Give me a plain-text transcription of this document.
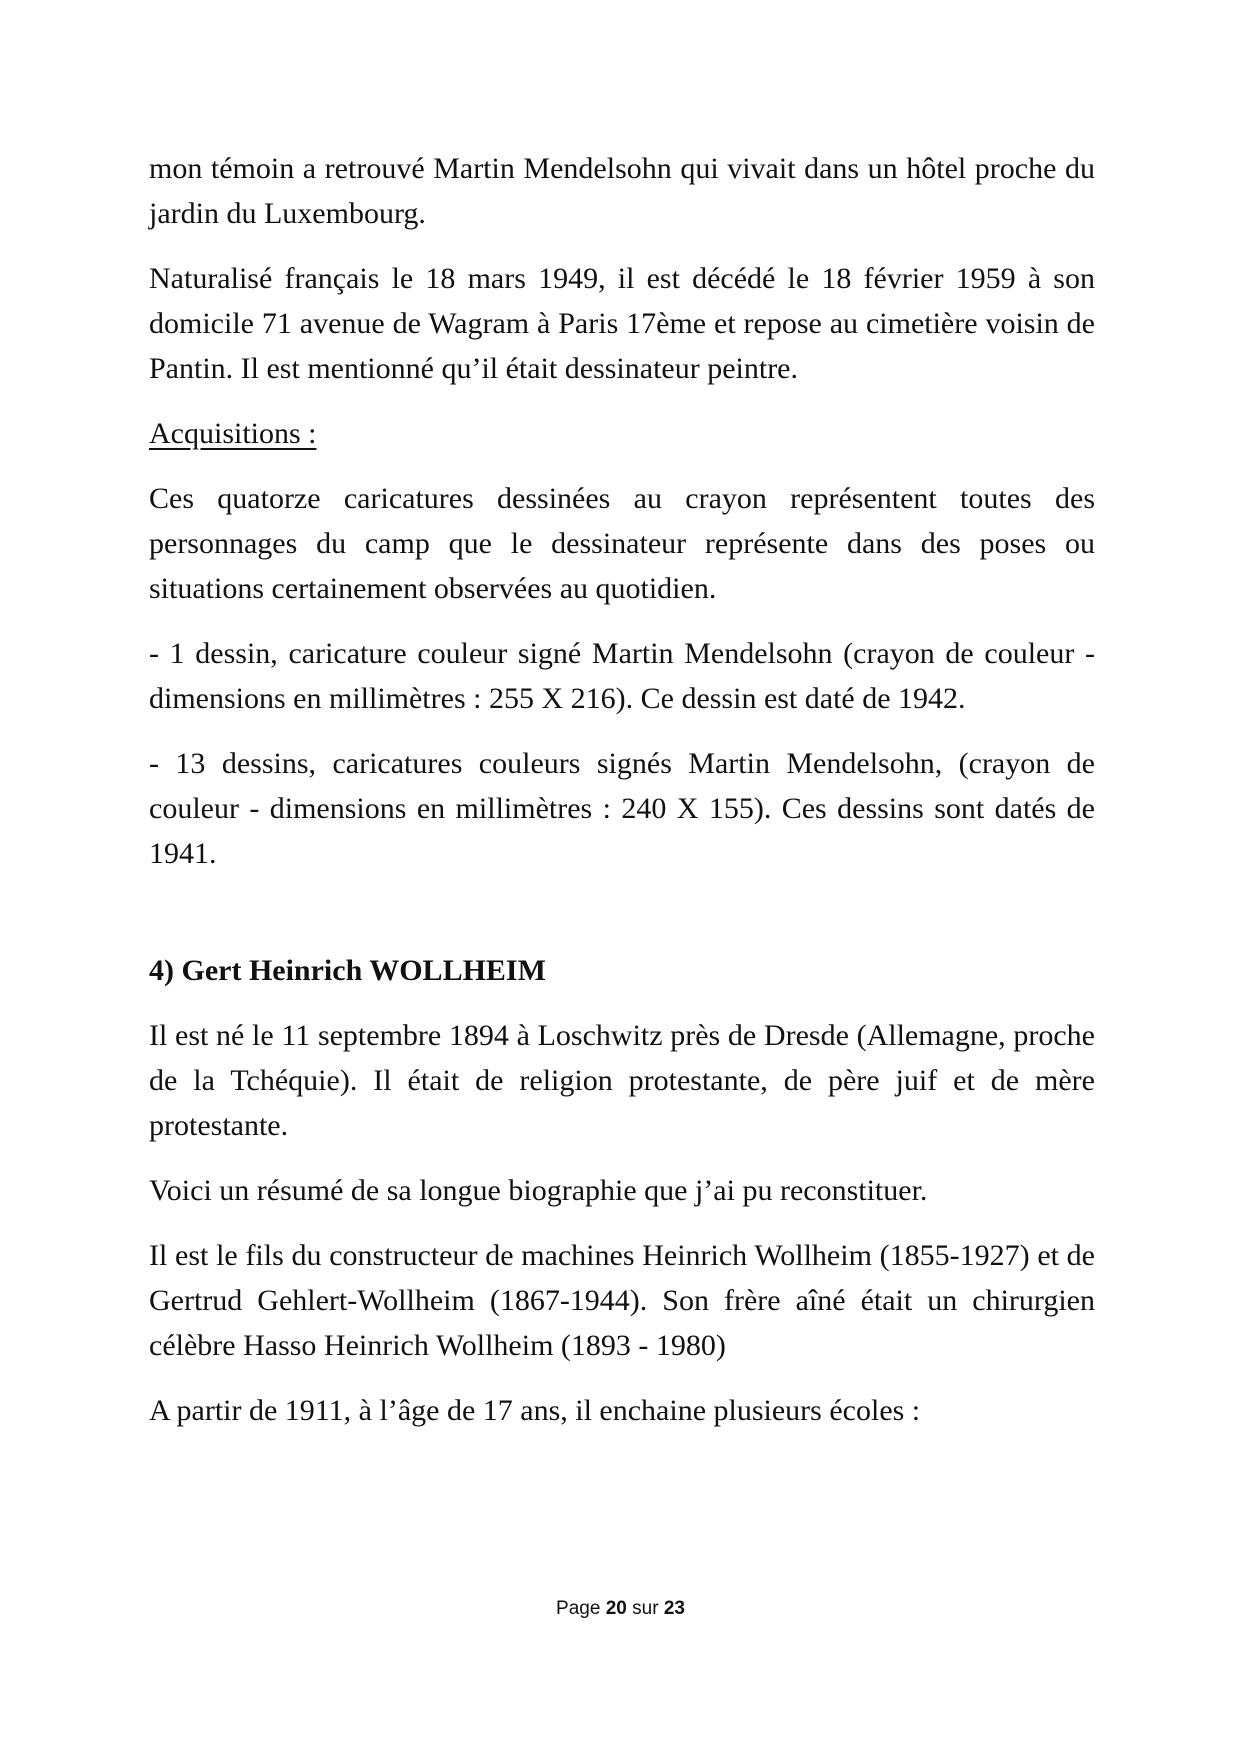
mon témoin a retrouvé Martin Mendelsohn qui vivait dans un hôtel proche du jardin du Luxembourg.

Naturalisé français le 18 mars 1949, il est décédé le 18 février 1959 à son domicile 71 avenue de Wagram à Paris 17ème et repose au cimetière voisin de Pantin. Il est mentionné qu’il était dessinateur peintre.

Acquisitions :

Ces quatorze caricatures dessinées au crayon représentent toutes des personnages du camp que le dessinateur représente dans des poses ou situations certainement observées au quotidien.

- 1 dessin, caricature couleur signé Martin Mendelsohn (crayon de couleur - dimensions en millimètres : 255 X 216). Ce dessin est daté de 1942.

- 13 dessins, caricatures couleurs signés Martin Mendelsohn, (crayon de couleur - dimensions en millimètres : 240 X 155). Ces dessins sont datés de 1941.

4) Gert Heinrich WOLLHEIM

Il est né le 11 septembre 1894 à Loschwitz près de Dresde (Allemagne, proche de la Tchéquie). Il était de religion protestante, de père juif et de mère protestante.

Voici un résumé de sa longue biographie que j’ai pu reconstituer.

Il est le fils du constructeur de machines Heinrich Wollheim (1855-1927) et de Gertrud Gehlert-Wollheim (1867-1944). Son frère aîné était un chirurgien célèbre Hasso Heinrich Wollheim (1893 - 1980)

A partir de 1911, à l’âge de 17 ans, il enchaine plusieurs écoles :

Page 20 sur 23
